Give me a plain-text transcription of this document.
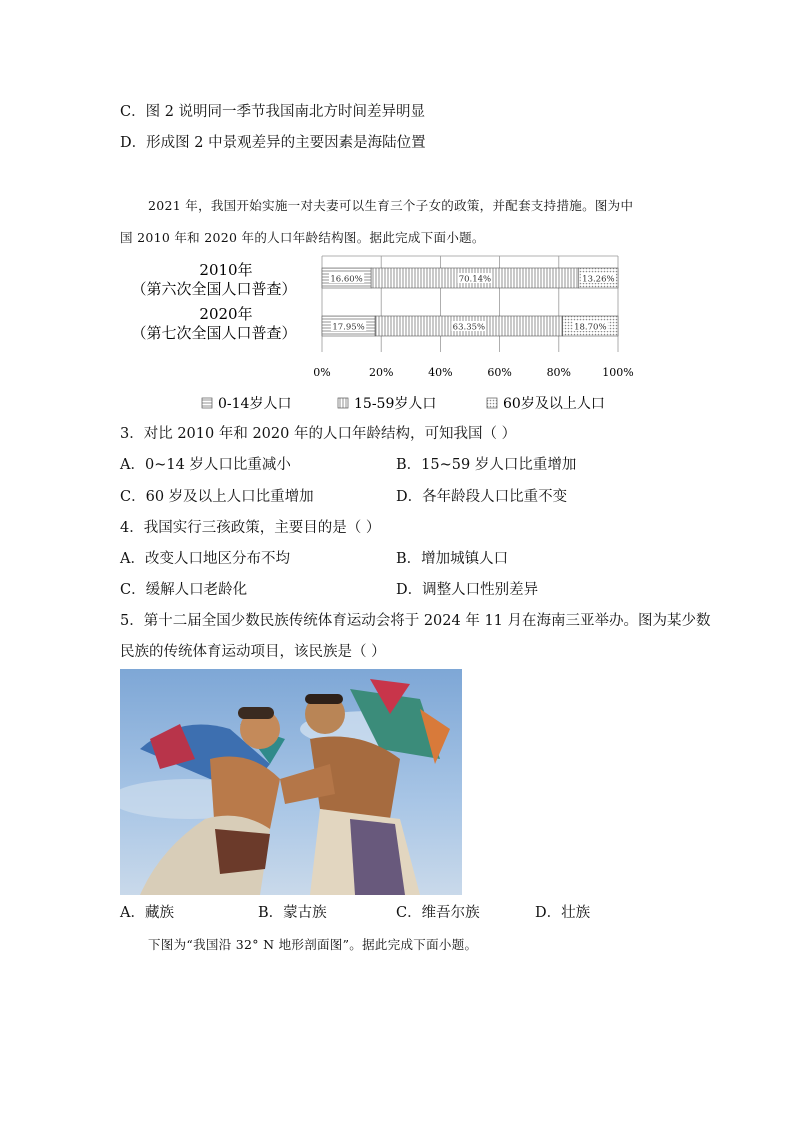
C．图 2 说明同一季节我国南北方时间差异明显
D．形成图 2 中景观差异的主要因素是海陆位置
2021 年，我国开始实施一对夫妻可以生育三个子女的政策，并配套支持措施。图为中
国 2010 年和 2020 年的人口年龄结构图。据此完成下面小题。
2010年
（第六次全国人口普查）
2020年
（第七次全国人口普查）
16.60%	70.14%	13.26%
17.95%	63.35%	18.70%
0%	20%	40%	60%	80%	100%
0-14岁人口	15-59岁人口	60岁及以上人口
3．对比 2010 年和 2020 年的人口年龄结构，可知我国（ ）
A．0~14 岁人口比重减小	B．15~59 岁人口比重增加
C．60 岁及以上人口比重增加	D．各年龄段人口比重不变
4．我国实行三孩政策，主要目的是（ ）
A．改变人口地区分布不均	B．增加城镇人口
C．缓解人口老龄化	D．调整人口性别差异
5．第十二届全国少数民族传统体育运动会将于 2024 年 11 月在海南三亚举办。图为某少数
民族的传统体育运动项目，该民族是（ ）
A．藏族	B．蒙古族	C．维吾尔族	D．壮族
下图为“我国沿 32° N 地形剖面图”。据此完成下面小题。
